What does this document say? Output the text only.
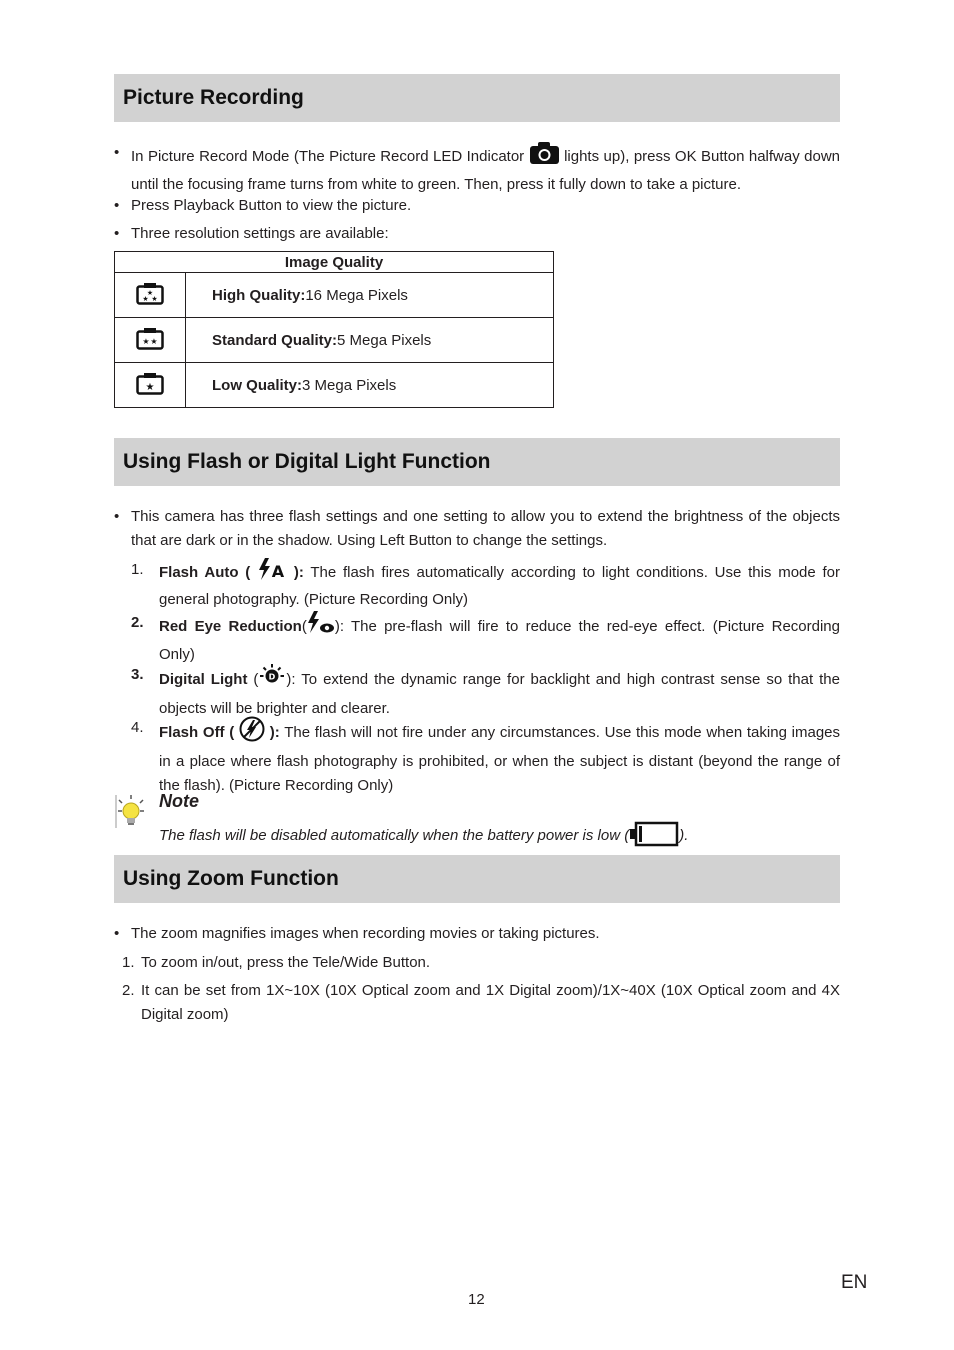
Picture Recording
• In Picture Record Mode (The Picture Record LED Indicator	lights up), press OK Button halfway down until the focusing frame turns from white to green. Then, press it fully down to take a picture.
• Press Playback Button to view the picture.
• Three resolution settings are available:
Image Quality	

★
★ ★	High Quality:16 Mega Pixels

★ ★	Standard Quality:5 Mega Pixels

★	Low Quality:3 Mega Pixels
Using Flash or Digital Light Function
• This camera has three flash settings and one setting to allow you to extend the brightness of the objects that are dark or in the shadow. Using Left Button to change the settings.
1. Flash Auto ( A ): The flash fires automatically according to light conditions. Use this mode for general photography. (Picture Recording Only)
2. Red Eye Reduction( ): The pre-flash will fire to reduce the red-eye effect. (Picture Recording Only)
3. Digital Light ( D ): To extend the dynamic range for backlight and high contrast sense so that the objects will be brighter and clearer.
4. Flash Off ( ): The flash will not fire under any circumstances. Use this mode when taking images in a place where flash photography is prohibited, or when the subject is distant (beyond the range of the flash). (Picture Recording Only)
Note
The flash will be disabled automatically when the battery power is low (	).
Using Zoom Function
• The zoom magnifies images when recording movies or taking pictures.
1. To zoom in/out, press the Tele/Wide Button.
2. It can be set from 1X~10X (10X Optical zoom and 1X Digital zoom)/1X~40X (10X Optical zoom and 4X Digital zoom)
EN
12
